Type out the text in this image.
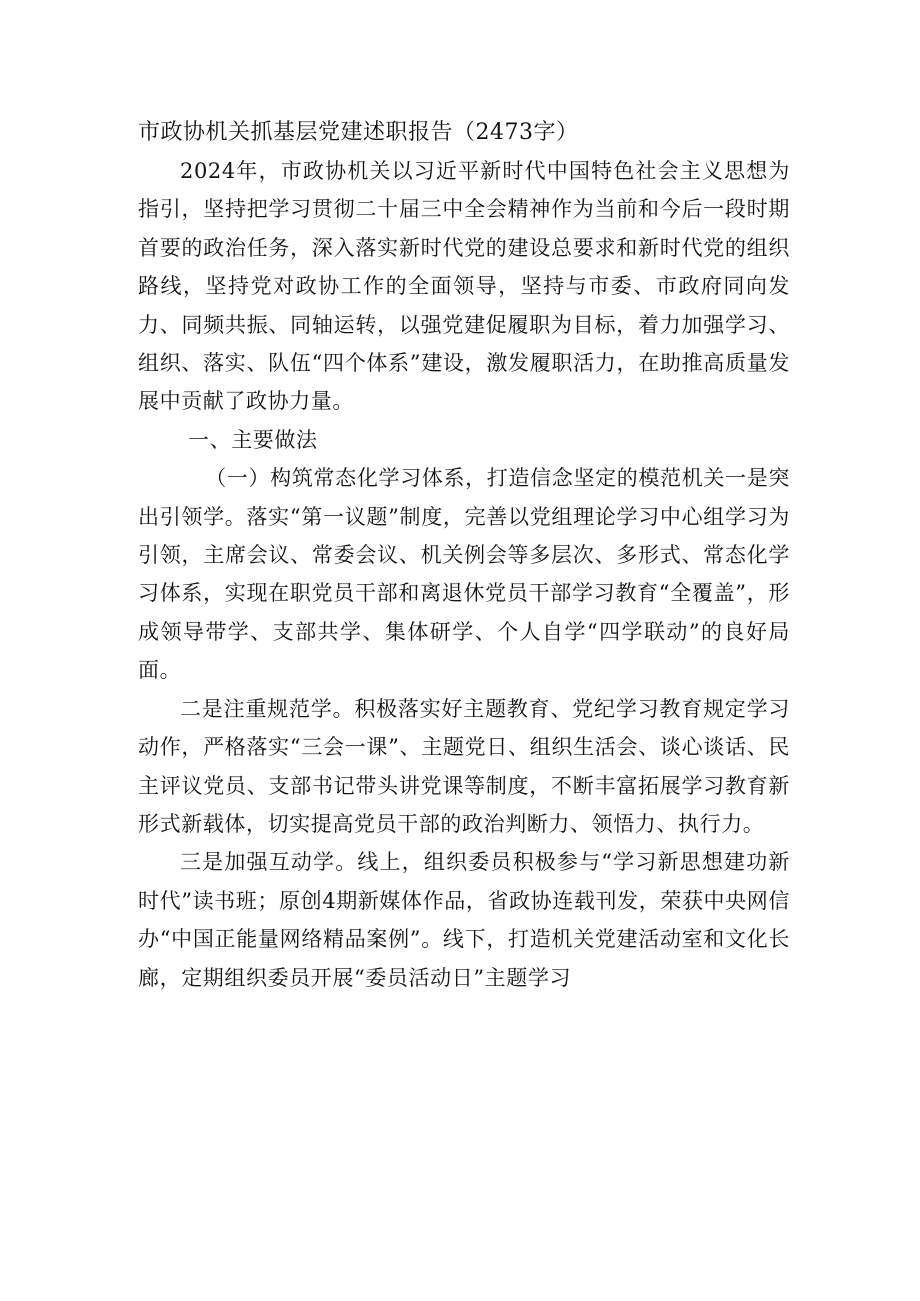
市政协机关抓基层党建述职报告（2473字）

2024年，市政协机关以习近平新时代中国特色社会主义思想为指引，坚持把学习贯彻二十届三中全会精神作为当前和今后一段时期首要的政治任务，深入落实新时代党的建设总要求和新时代党的组织路线，坚持党对政协工作的全面领导，坚持与市委、市政府同向发力、同频共振、同轴运转，以强党建促履职为目标，着力加强学习、组织、落实、队伍“四个体系”建设，激发履职活力，在助推高质量发展中贡献了政协力量。

一、主要做法

（一）构筑常态化学习体系，打造信念坚定的模范机关一是突出引领学。落实“第一议题”制度，完善以党组理论学习中心组学习为引领，主席会议、常委会议、机关例会等多层次、多形式、常态化学习体系，实现在职党员干部和离退休党员干部学习教育“全覆盖”，形成领导带学、支部共学、集体研学、个人自学“四学联动”的良好局面。

二是注重规范学。积极落实好主题教育、党纪学习教育规定学习动作，严格落实“三会一课”、主题党日、组织生活会、谈心谈话、民主评议党员、支部书记带头讲党课等制度，不断丰富拓展学习教育新形式新载体，切实提高党员干部的政治判断力、领悟力、执行力。

三是加强互动学。线上，组织委员积极参与“学习新思想建功新时代”读书班；原创4期新媒体作品，省政协连载刊发，荣获中央网信办“中国正能量网络精品案例”。线下，打造机关党建活动室和文化长廊，定期组织委员开展“委员活动日”主题学习
